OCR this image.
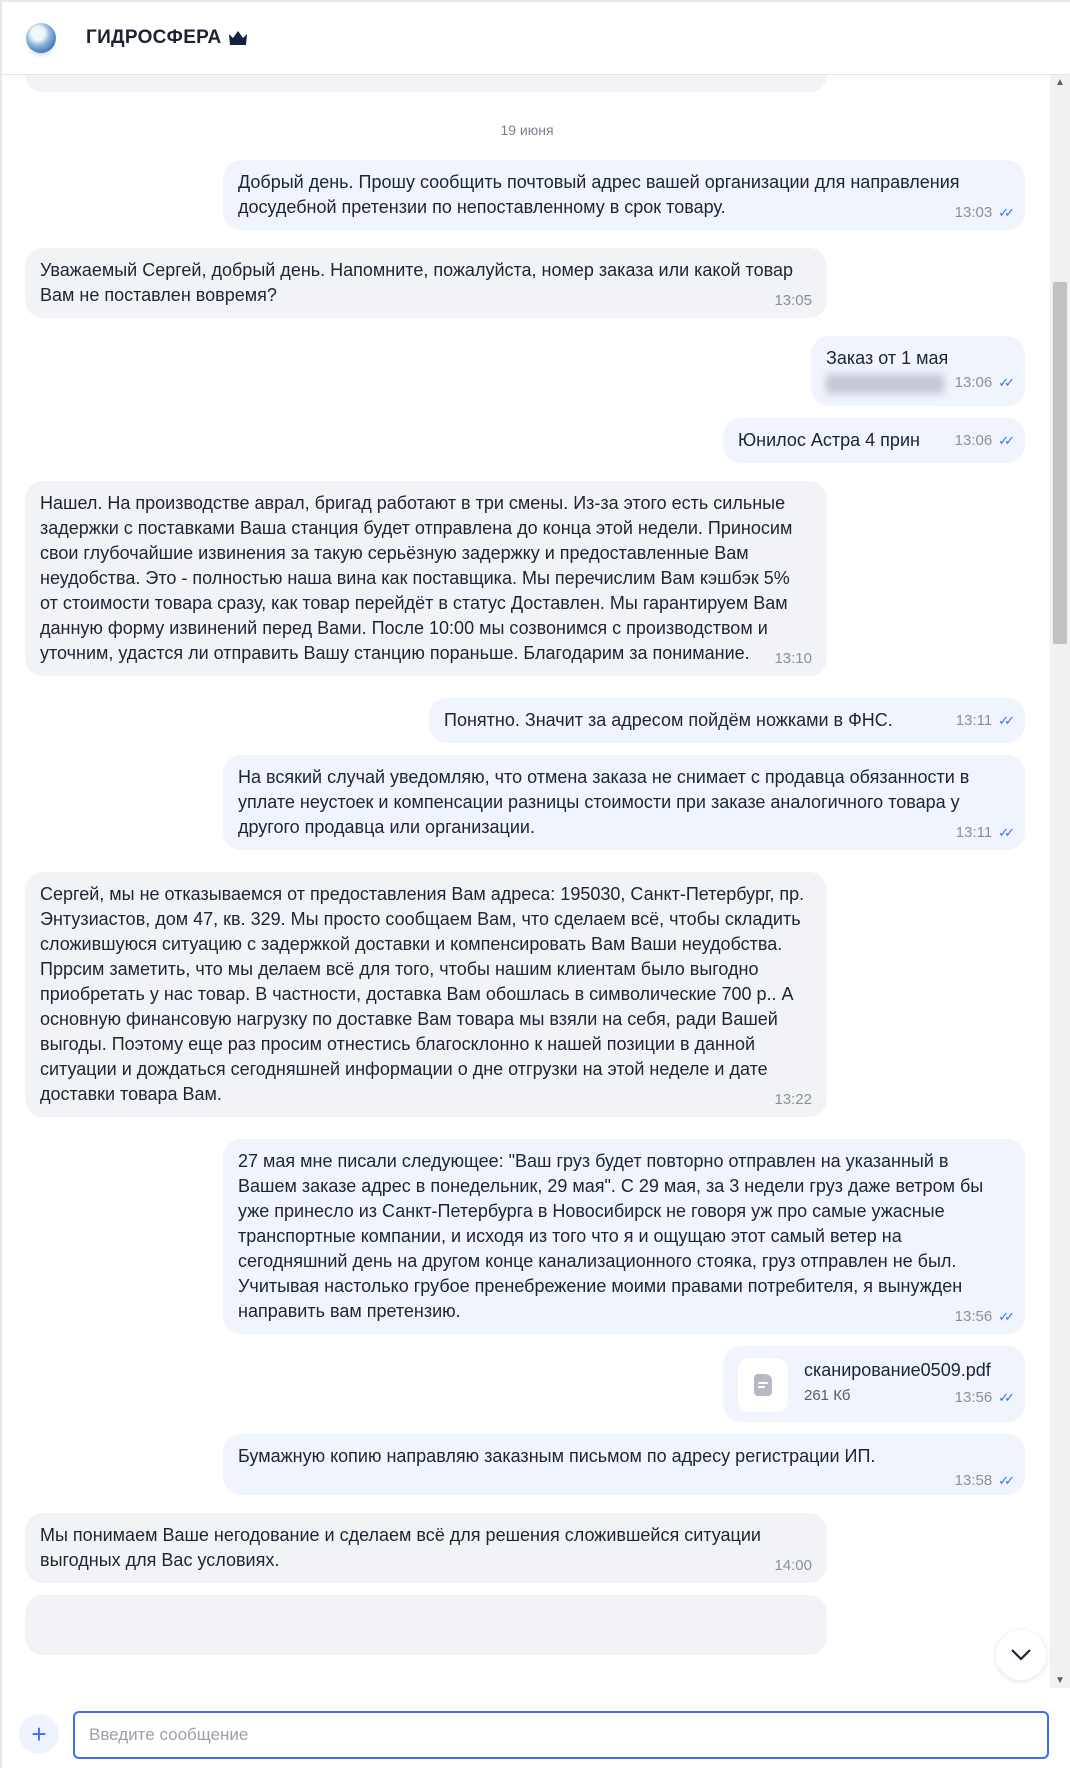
ГИДРОСФЕРА
19 июня
Добрый день. Прошу сообщить почтовый адрес вашей организации для направления досудебной претензии по непоставленному в срок товару.	13:03 ✓✓
Уважаемый Сергей, добрый день. Напомните, пожалуйста, номер заказа или какой товар Вам не поставлен вовремя?	13:05
Заказ от 1 мая

13:06 ✓✓
Юнилос Астра 4 прин 13:06 ✓✓
Нашел. На производстве аврал, бригад работают в три смены. Из-за этого есть сильные задержки с поставками Ваша станция будет отправлена до конца этой недели. Приносим свои глубочайшие извинения за такую серьёзную задержку и предоставленные Вам неудобства. Это - полностью наша вина как поставщика. Мы перечислим Вам кэшбэк 5% от стоимости товара сразу, как товар перейдёт в статус Доставлен. Мы гарантируем Вам данную форму извинений перед Вами. После 10:00 мы созвонимся с производством и уточним, удастся ли отправить Вашу станцию пораньше. Благодарим за понимание. 13:10
Понятно. Значит за адресом пойдём ножками в ФНС.	13:11 ✓✓
На всякий случай уведомляю, что отмена заказа не снимает с продавца обязанности в уплате неустоек и компенсации разницы стоимости при заказе аналогичного товара у другого продавца или организации.	13:11 ✓✓
Сергей, мы не отказываемся от предоставления Вам адреса: 195030, Санкт-Петербург, пр. Энтузиастов, дом 47, кв. 329. Мы просто сообщаем Вам, что сделаем всё, чтобы складить сложившуюся ситуацию с задержкой доставки и компенсировать Вам Ваши неудобства. Пррсим заметить, что мы делаем всё для того, чтобы нашим клиентам было выгодно приобретать у нас товар. В частности, доставка Вам обошлась в символические 700 р.. А основную финансовую нагрузку по доставке Вам товара мы взяли на себя, ради Вашей выгоды. Поэтому еще раз просим отнестись благосклонно к нашей позиции в данной ситуации и дождаться сегодняшней информации о дне отгрузки на этой неделе и дате доставки товара Вам.	13:22
27 мая мне писали следующее: "Ваш груз будет повторно отправлен на указанный в Вашем заказе адрес в понедельник, 29 мая". С 29 мая, за 3 недели груз даже ветром бы уже принесло из Санкт-Петербурга в Новосибирск не говоря уж про самые ужасные транспортные компании, и исходя из того что я и ощущаю этот самый ветер на сегодняшний день на другом конце канализационного стояка, груз отправлен не был. Учитывая настолько грубое пренебрежение моими правами потребителя, я вынужден направить вам претензию.	13:56 ✓✓
сканирование0509.pdf
261 Кб	13:56 ✓✓
Бумажную копию направляю заказным письмом по адресу регистрации ИП.

13:58 ✓✓
Мы понимаем Ваше негодование и сделаем всё для решения сложившейся ситуации выгодных для Вас условиях.	14:00
▲
▼
+
Введите сообщение
